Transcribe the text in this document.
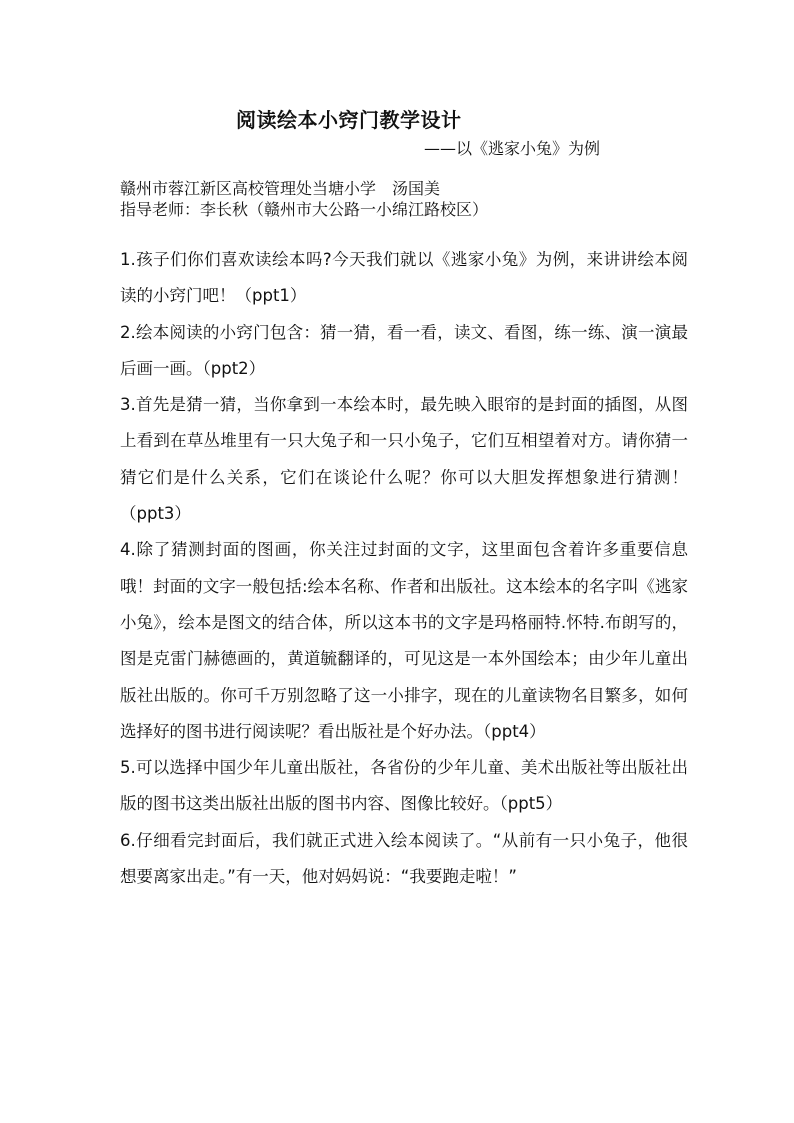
阅读绘本小窍门教学设计
——以《逃家小兔》为例
赣州市蓉江新区高校管理处当塘小学　汤国美
指导老师：李长秋（赣州市大公路一小绵江路校区）

1.孩子们你们喜欢读绘本吗?今天我们就以《逃家小兔》为例，来讲讲绘本阅读的小窍门吧！（ppt1）

2.绘本阅读的小窍门包含：猜一猜，看一看，读文、看图，练一练、演一演最后画一画。（ppt2）

3.首先是猜一猜，当你拿到一本绘本时，最先映入眼帘的是封面的插图，从图上看到在草丛堆里有一只大兔子和一只小兔子，它们互相望着对方。请你猜一猜它们是什么关系，它们在谈论什么呢？你可以大胆发挥想象进行猜测！（ppt3）

4.除了猜测封面的图画，你关注过封面的文字，这里面包含着许多重要信息哦！封面的文字一般包括:绘本名称、作者和出版社。这本绘本的名字叫《逃家小兔》，绘本是图文的结合体，所以这本书的文字是玛格丽特.怀特.布朗写的，图是克雷门赫德画的，黄道毓翻译的，可见这是一本外国绘本；由少年儿童出版社出版的。你可千万别忽略了这一小排字，现在的儿童读物名目繁多，如何选择好的图书进行阅读呢？看出版社是个好办法。（ppt4）

5.可以选择中国少年儿童出版社，各省份的少年儿童、美术出版社等出版社出版的图书这类出版社出版的图书内容、图像比较好。（ppt5）

6.仔细看完封面后，我们就正式进入绘本阅读了。“从前有一只小兔子，他很想要离家出走。”有一天，他对妈妈说：“我要跑走啦！”
